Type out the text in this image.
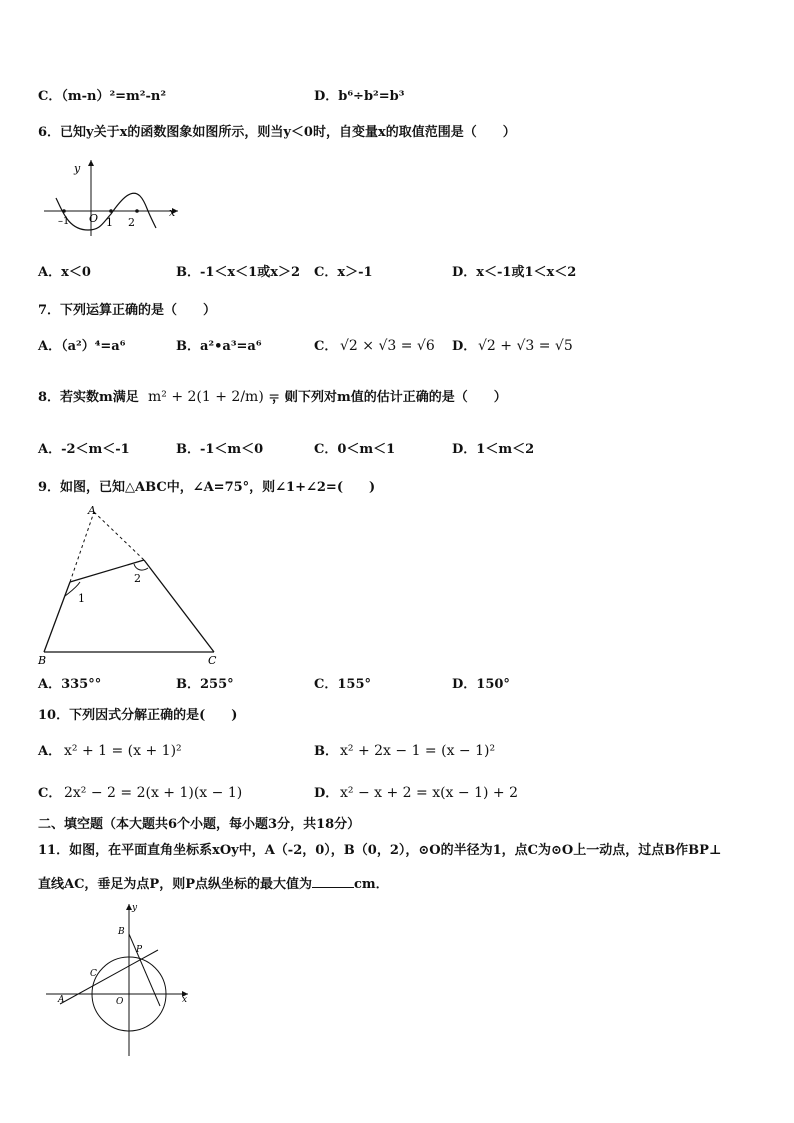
C．（m-n）²=m²-n²	D．b⁶÷b²=b³
6．已知y关于x的函数图象如图所示，则当y＜0时，自变量x的取值范围是（　　）
y
x
O
–1	1 2
A．x＜0	B．-1＜x＜1或x＞2 C．x＞-1	D．x＜-1或1＜x＜2
7．下列运算正确的是（　　）
A．（a²）⁴=a⁶	B．a²•a³=a⁶	C． √2 × √3 = √6 D． √2 + √3 = √5
8．若实数m满足 m² + 2(1 + 2/m) = 0
，则下列对m值的估计正确的是（　　）
A．-2＜m＜-1	B．-1＜m＜0	C．0＜m＜1	D．1＜m＜2
9．如图，已知△ABC中，∠A=75°，则∠1+∠2=(　　)
A
B	C
1
2
A．335°°	B．255°	C．155°	D．150°
10．下列因式分解正确的是(　　)
A． x² + 1 = (x + 1)²	B． x² + 2x − 1 = (x − 1)²
C． 2x² − 2 = 2(x + 1)(x − 1)	D． x² − x + 2 = x(x − 1) + 2
二、填空题（本大题共6个小题，每小题3分，共18分）
11．如图，在平面直角坐标系xOy中，A（-2，0），B（0，2），⊙O的半径为1，点C为⊙O上一动点，过点B作BP⊥
直线AC，垂足为点P，则P点纵坐标的最大值为	cm．
y
x
B
P
C
A	O
